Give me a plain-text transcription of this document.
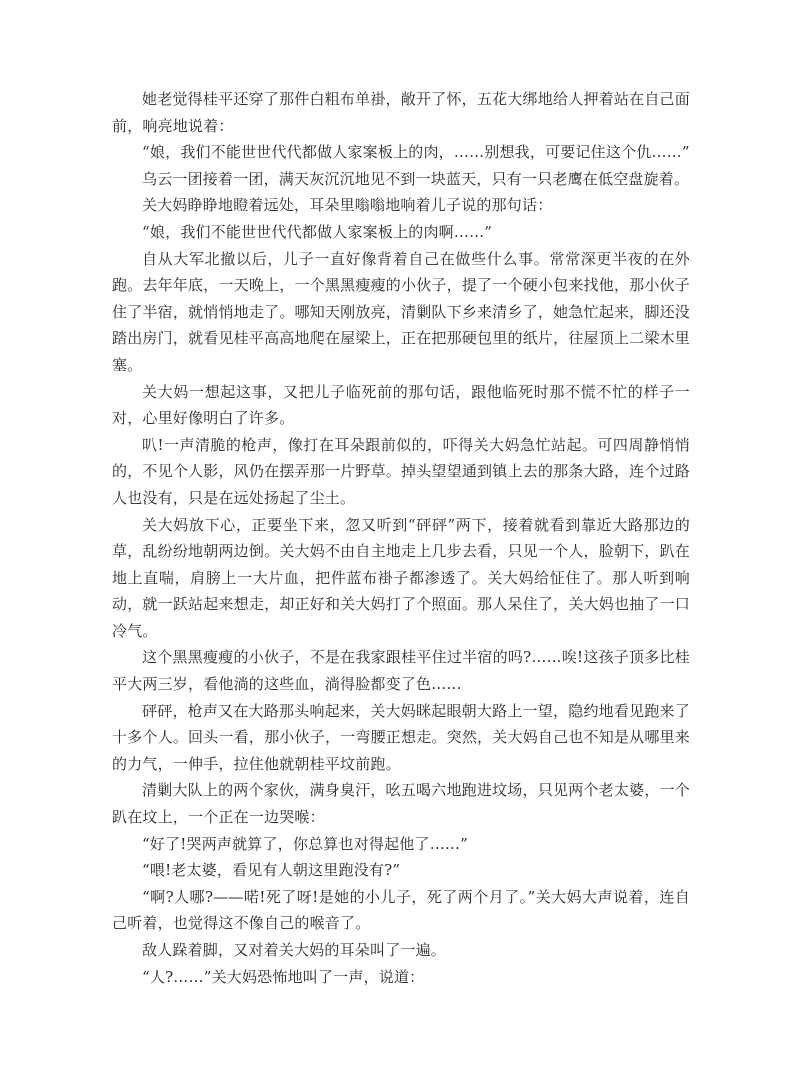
她老觉得桂平还穿了那件白粗布单褂，敞开了怀，五花大绑地给人押着站在自己面前，响亮地说着：

“娘，我们不能世世代代都做人家案板上的肉，……别想我，可要记住这个仇……”

乌云一团接着一团，满天灰沉沉地见不到一块蓝天，只有一只老鹰在低空盘旋着。

关大妈睁睁地瞪着远处，耳朵里嗡嗡地响着儿子说的那句话：

“娘，我们不能世世代代都做人家案板上的肉啊……”

自从大军北撤以后，儿子一直好像背着自己在做些什么事。常常深更半夜的在外跑。去年年底，一天晚上，一个黑黑瘦瘦的小伙子，提了一个硬小包来找他，那小伙子住了半宿，就悄悄地走了。哪知天刚放亮，清剿队下乡来清乡了，她急忙起来，脚还没踏出房门，就看见桂平高高地爬在屋梁上，正在把那硬包里的纸片，往屋顶上二梁木里塞。

关大妈一想起这事，又把儿子临死前的那句话，跟他临死时那不慌不忙的样子一对，心里好像明白了许多。

叭!一声清脆的枪声，像打在耳朵跟前似的，吓得关大妈急忙站起。可四周静悄悄的，不见个人影，风仍在摆弄那一片野草。掉头望望通到镇上去的那条大路，连个过路人也没有，只是在远处扬起了尘土。

关大妈放下心，正要坐下来，忽又听到“砰砰”两下，接着就看到靠近大路那边的草，乱纷纷地朝两边倒。关大妈不由自主地走上几步去看，只见一个人，脸朝下，趴在地上直喘，肩膀上一大片血，把件蓝布褂子都渗透了。关大妈给怔住了。那人听到响动，就一跃站起来想走，却正好和关大妈打了个照面。那人呆住了，关大妈也抽了一口冷气。

这个黑黑瘦瘦的小伙子，不是在我家跟桂平住过半宿的吗?……唉!这孩子顶多比桂平大两三岁，看他淌的这些血，淌得脸都变了色……

砰砰，枪声又在大路那头响起来，关大妈眯起眼朝大路上一望，隐约地看见跑来了十多个人。回头一看，那小伙子，一弯腰正想走。突然，关大妈自己也不知是从哪里来的力气，一伸手，拉住他就朝桂平坟前跑。

清剿大队上的两个家伙，满身臭汗，吆五喝六地跑进坟场，只见两个老太婆，一个趴在坟上，一个正在一边哭喉：

“好了!哭两声就算了，你总算也对得起他了……”

“喂!老太婆，看见有人朝这里跑没有?”

“啊?人哪?——喏!死了呀!是她的小儿子，死了两个月了。”关大妈大声说着，连自己听着，也觉得这不像自己的喉音了。

敌人跺着脚，又对着关大妈的耳朵叫了一遍。

“人?……”关大妈恐怖地叫了一声，说道：
